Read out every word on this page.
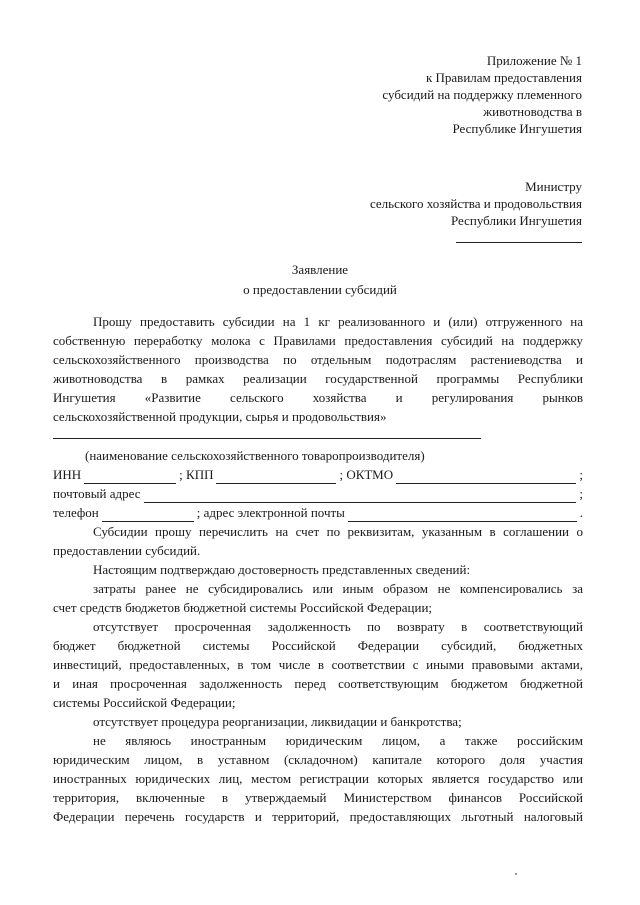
Приложение № 1
к Правилам предоставления
субсидий на поддержку племенного
животноводства в
Республике Ингушетия
Министру
сельского хозяйства и продовольствия
Республики Ингушетия
Заявление
о предоставлении субсидий
Прошу предоставить субсидии на 1 кг реализованного и (или) отгруженного на
собственную переработку молока с Правилами предоставления субсидий на поддержку
сельскохозяйственного производства по отдельным подотраслям растениеводства и
животноводства в рамках реализации государственной программы Республики
Ингушетия «Развитие сельского хозяйства и регулирования рынков
сельскохозяйственной продукции, сырья и продовольствия»
(наименование сельскохозяйственного товаропроизводителя)
ИНН	; КПП	; ОКТМО	;
почтовый адрес	;
телефон	; адрес электронной почты	.
Субсидии прошу перечислить на счет по реквизитам, указанным в соглашении о
предоставлении субсидий.
Настоящим подтверждаю достоверность представленных сведений:
затраты ранее не субсидировались или иным образом не компенсировались за
счет средств бюджетов бюджетной системы Российской Федерации;
отсутствует просроченная задолженность по возврату в соответствующий
бюджет бюджетной системы Российской Федерации субсидий, бюджетных
инвестиций, предоставленных, в том числе в соответствии с иными правовыми актами,
и иная просроченная задолженность перед соответствующим бюджетом бюджетной
системы Российской Федерации;
отсутствует процедура реорганизации, ликвидации и банкротства;
не являюсь иностранным юридическим лицом, а также российским
юридическим лицом, в уставном (складочном) капитале которого доля участия
иностранных юридических лиц, местом регистрации которых является государство или
территория, включенные в утверждаемый Министерством финансов Российской
Федерации перечень государств и территорий, предоставляющих льготный налоговый
